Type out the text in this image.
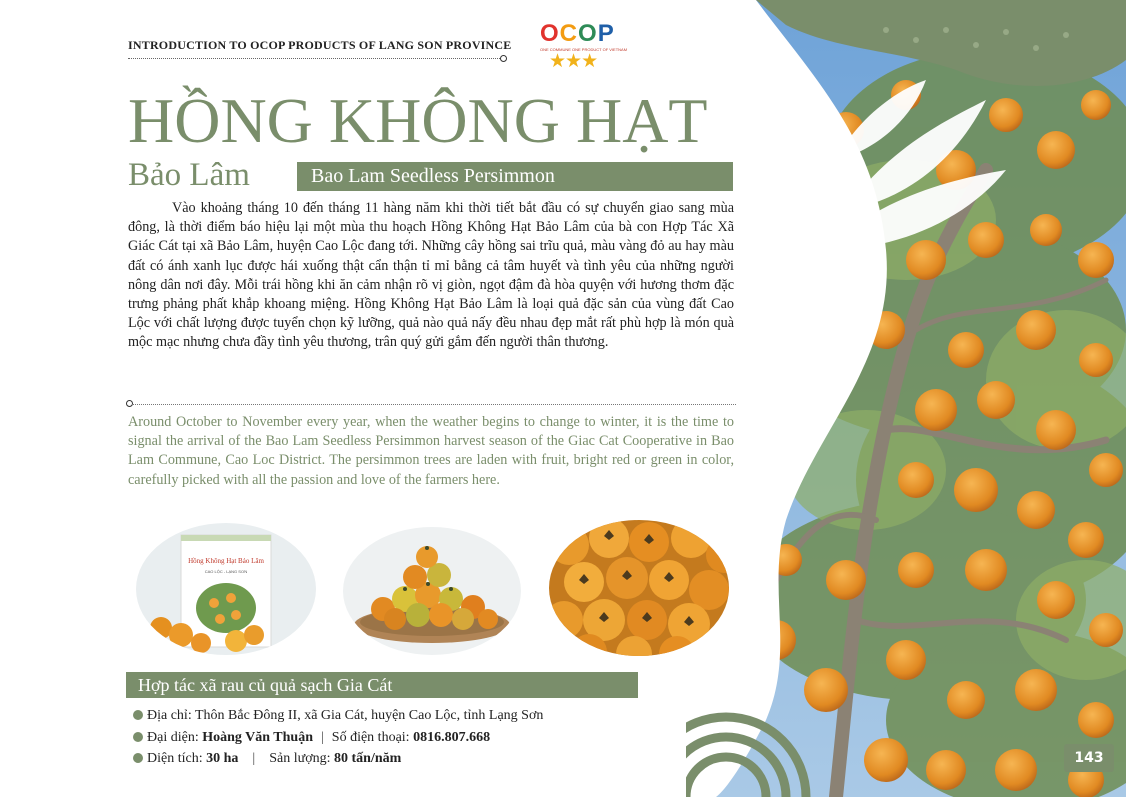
INTRODUCTION TO OCOP PRODUCTS OF LANG SON PROVINCE OCOP
ONE COMMUNE ONE PRODUCT OF VIETNAM
★★★
HỒNG KHÔNG HẠT
Bảo Lâm	Bao Lam Seedless Persimmon
Vào khoảng tháng 10 đến tháng 11 hàng năm khi thời tiết bắt đầu có sự chuyển giao sang mùa đông, là thời điểm báo hiệu lại một mùa thu hoạch Hồng Không Hạt Bảo Lâm của bà con Hợp Tác Xã Giác Cát tại xã Bảo Lâm, huyện Cao Lộc đang tới. Những cây hồng sai trĩu quả, màu vàng đỏ au hay màu đất có ánh xanh lục được hái xuống thật cẩn thận tỉ mỉ bằng cả tâm huyết và tình yêu của những người nông dân nơi đây. Mỗi trái hồng khi ăn cảm nhận rõ vị giòn, ngọt đậm đà hòa quyện với hương thơm đặc trưng phảng phất khắp khoang miệng. Hồng Không Hạt Bảo Lâm là loại quả đặc sản của vùng đất Cao Lộc với chất lượng được tuyển chọn kỹ lưỡng, quả nào quả nấy đều nhau đẹp mắt rất phù hợp là món quà mộc mạc nhưng chưa đầy tình yêu thương, trân quý gửi gắm đến người thân thương.
Around October to November every year, when the weather begins to change to winter, it is the time to signal the arrival of the Bao Lam Seedless Persimmon harvest season of the Giac Cat Cooperative in Bao Lam Commune, Cao Loc District. The persimmon trees are laden with fruit, bright red or green in color, carefully picked with all the passion and love of the farmers here.
Hồng Không Hạt Bảo Lâm
CAO LỘC - LẠNG SƠN
Hợp tác xã rau củ quả sạch Gia Cát
Địa chỉ: Thôn Bắc Đông II, xã Gia Cát, huyện Cao Lộc, tỉnh Lạng Sơn
Đại diện: Hoàng Văn Thuận | Số điện thoại: 0816.807.668
Diện tích: 30 ha | Sản lượng: 80 tấn/năm	143
